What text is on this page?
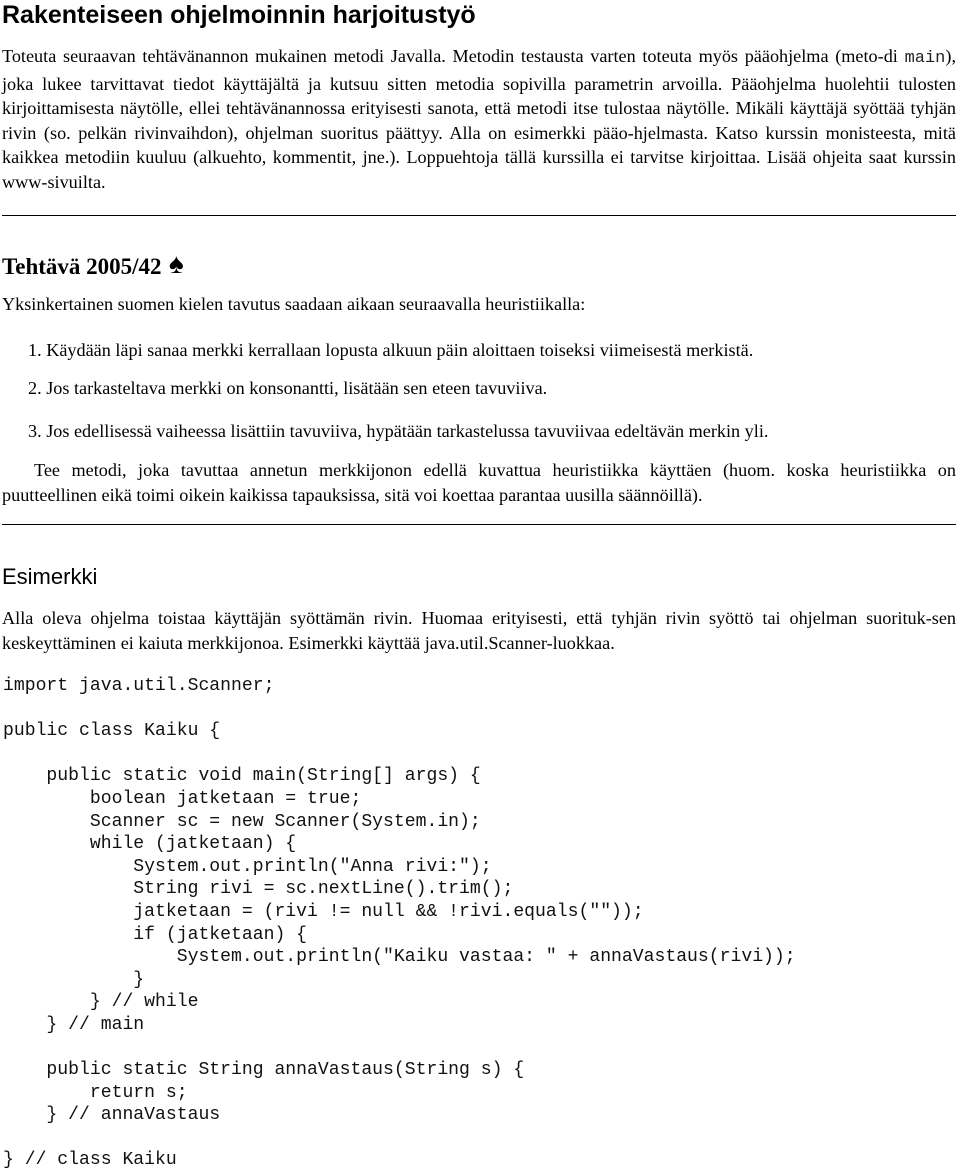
Rakenteiseen ohjelmoinnin harjoitustyö

Toteuta seuraavan tehtävänannon mukainen metodi Javalla. Metodin testausta varten toteuta myös pääohjelma (meto-di main), joka lukee tarvittavat tiedot käyttäjältä ja kutsuu sitten metodia sopivilla parametrin arvoilla. Pääohjelma huolehtii tulosten kirjoittamisesta näytölle, ellei tehtävänannossa erityisesti sanota, että metodi itse tulostaa näytölle. Mikäli käyttäjä syöttää tyhjän rivin (so. pelkän rivinvaihdon), ohjelman suoritus päättyy. Alla on esimerkki pääo-hjelmasta. Katso kurssin monisteesta, mitä kaikkea metodiin kuuluu (alkuehto, kommentit, jne.). Loppuehtoja tällä kurssilla ei tarvitse kirjoittaa. Lisää ohjeita saat kurssin www-sivuilta.

Tehtävä 2005/42 ♠

Yksinkertainen suomen kielen tavutus saadaan aikaan seuraavalla heuristiikalla:

1. Käydään läpi sanaa merkki kerrallaan lopusta alkuun päin aloittaen toiseksi viimeisestä merkistä.

2. Jos tarkasteltava merkki on konsonantti, lisätään sen eteen tavuviiva.

3. Jos edellisessä vaiheessa lisättiin tavuviiva, hypätään tarkastelussa tavuviivaa edeltävän merkin yli.

Tee metodi, joka tavuttaa annetun merkkijonon edellä kuvattua heuristiikka käyttäen (huom. koska heuristiikka on puutteellinen eikä toimi oikein kaikissa tapauksissa, sitä voi koettaa parantaa uusilla säännöillä).

Esimerkki

Alla oleva ohjelma toistaa käyttäjän syöttämän rivin. Huomaa erityisesti, että tyhjän rivin syöttö tai ohjelman suorituk-sen keskeyttäminen ei kaiuta merkkijonoa. Esimerkki käyttää java.util.Scanner-luokkaa.

import java.util.Scanner;

public class Kaiku {

public static void main(String[] args) {
boolean jatketaan = true;
Scanner sc = new Scanner(System.in);
while (jatketaan) {
System.out.println("Anna rivi:");
String rivi = sc.nextLine().trim();
jatketaan = (rivi != null && !rivi.equals(""));
if (jatketaan) {
System.out.println("Kaiku vastaa: " + annaVastaus(rivi));
}
} // while
} // main

public static String annaVastaus(String s) {
return s;
} // annaVastaus

} // class Kaiku
